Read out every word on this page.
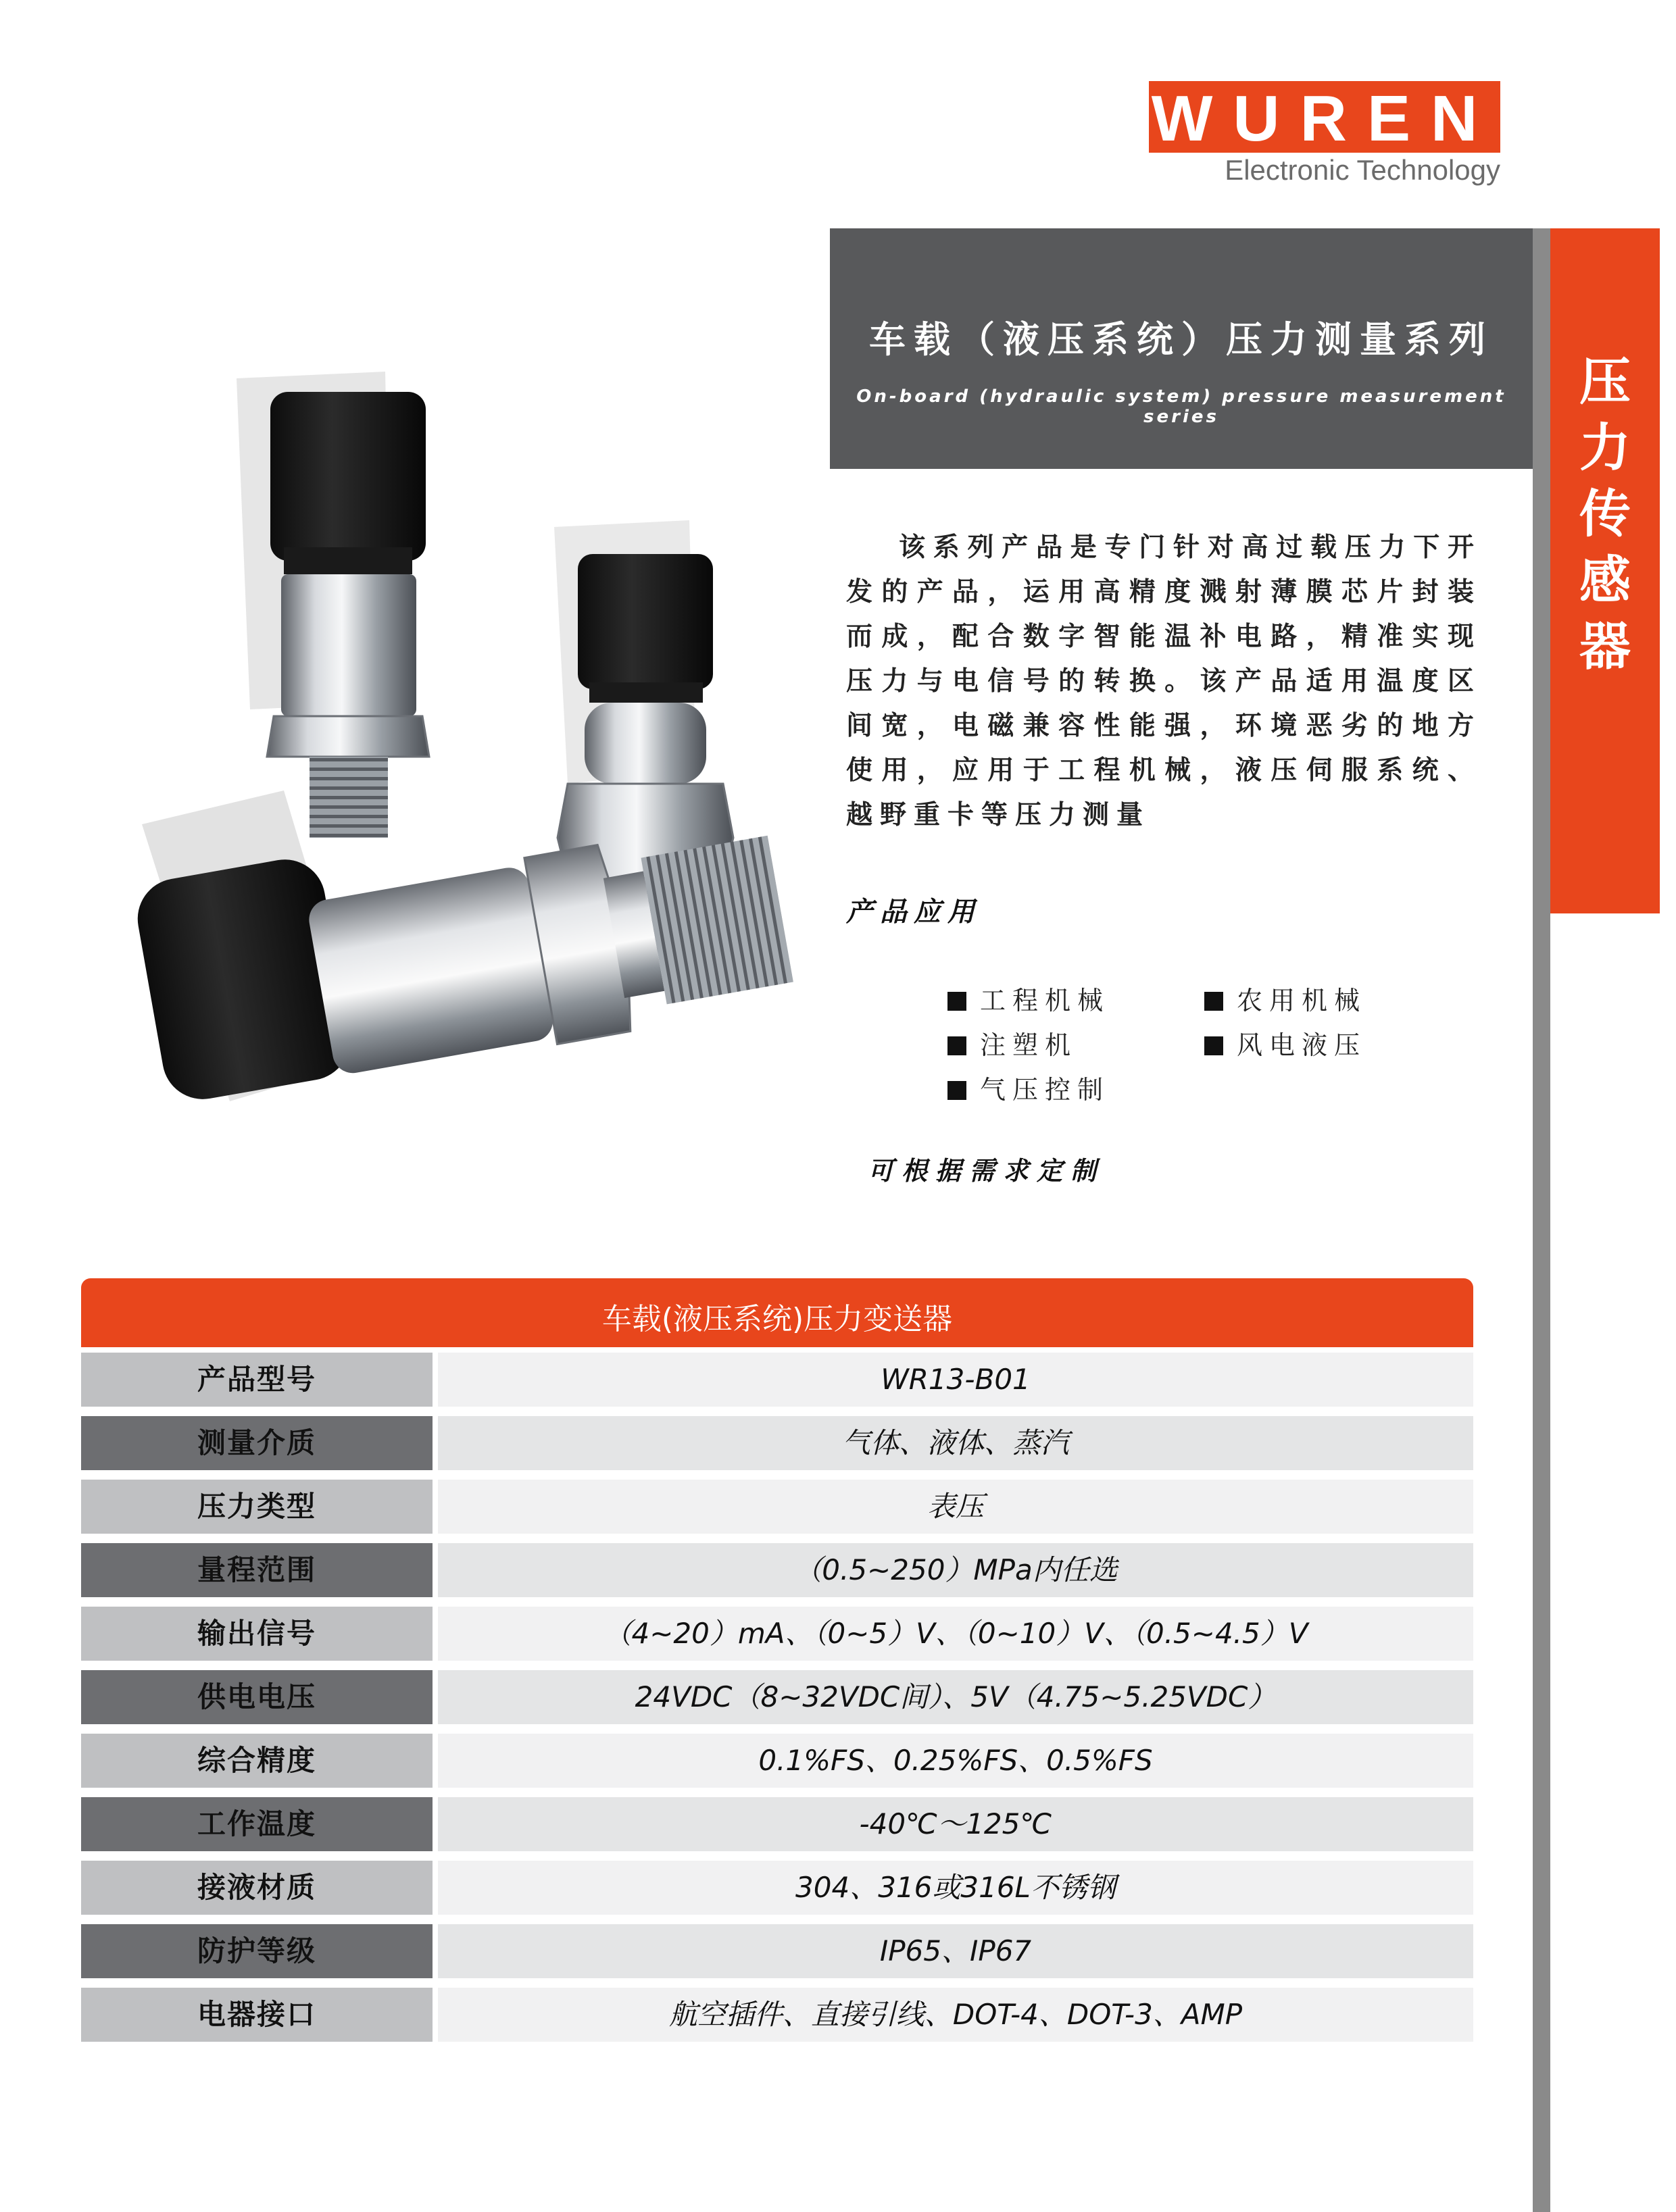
WUREN
Electronic Technology
车载（液压系统）压力测量系列
On-board (hydraulic system) pressure measurement series
压
力
传
感
器
该系列产品是专门针对高过载压力下开发的产品，运用高精度溅射薄膜芯片封装而成，配合数字智能温补电路，精准实现压力与电信号的转换。该产品适用温度区间宽，电磁兼容性能强，环境恶劣的地方使用，应用于工程机械，液压伺服系统、越野重卡等压力测量
产品应用
工程机械	农用机械
注塑机	风电液压
气压控制
可根据需求定制
车载(液压系统)压力变送器
产品型号	WR13-B01
测量介质	气体、液体、蒸汽
压力类型	表压
量程范围	（0.5~250）MPa内任选
输出信号	（4~20）mA、（0~5）V、（0~10）V、（0.5~4.5）V
供电电压	24VDC（8~32VDC间）、5V（4.75~5.25VDC）
综合精度	0.1%FS、0.25%FS、0.5%FS
工作温度	-40℃～125℃
接液材质	304、316或316L不锈钢
防护等级	IP65、IP67
电器接口	航空插件、直接引线、DOT-4、DOT-3、AMP
